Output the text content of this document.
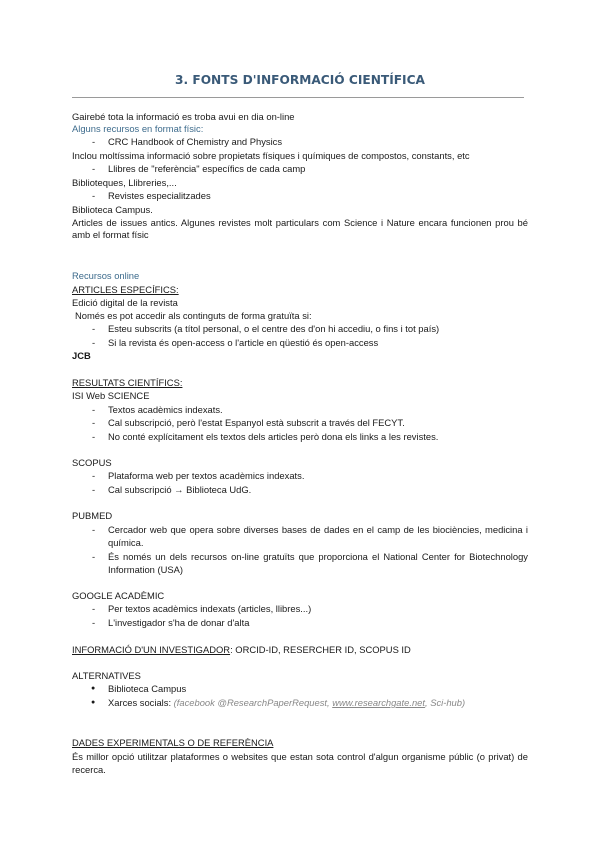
3. FONTS D'INFORMACIÓ CIENTÍFICA
Gairebé tota la informació es troba avui en dia on-line
Alguns recursos en format físic:
- CRC Handbook of Chemistry and Physics
Inclou moltíssima informació sobre propietats físiques i químiques de compostos, constants, etc
- Llibres de "referència" específics de cada camp
Biblioteques, Llibreries,...
- Revistes especialitzades
Biblioteca Campus.
Articles de issues antics. Algunes revistes molt particulars com Science i Nature encara funcionen prou bé amb el format físic
Recursos online
ARTICLES ESPECÍFICS:
Edició digital de la revista
Només es pot accedir als continguts de forma gratuïta si:
- Esteu subscrits (a títol personal, o el centre des d'on hi accediu, o fins i tot país)
- Si la revista és open-access o l'article en qüestió és open-access
JCB
RESULTATS CIENTÍFICS:
ISI Web SCIENCE
- Textos acadèmics indexats.
- Cal subscripció, però l'estat Espanyol està subscrit a través del FECYT.
- No conté explícitament els textos dels articles però dona els links a les revistes.
SCOPUS
- Plataforma web per textos acadèmics indexats.
- Cal subscripció → Biblioteca UdG.
PUBMED
- Cercador web que opera sobre diverses bases de dades en el camp de les biociències, medicina i química.
- És només un dels recursos on-line gratuïts que proporciona el National Center for Biotechnology Information (USA)
GOOGLE ACADÈMIC
- Per textos acadèmics indexats (articles, llibres...)
- L'investigador s'ha de donar d'alta
INFORMACIÓ D'UN INVESTIGADOR: ORCID-ID, RESERCHER ID, SCOPUS ID
ALTERNATIVES
● Biblioteca Campus
● Xarces socials: (facebook @ResearchPaperRequest, www.researchgate.net, Sci-hub)
DADES EXPERIMENTALS O DE REFERÈNCIA
És millor opció utilitzar plataformes o websites que estan sota control d'algun organisme públic (o privat) de recerca.
